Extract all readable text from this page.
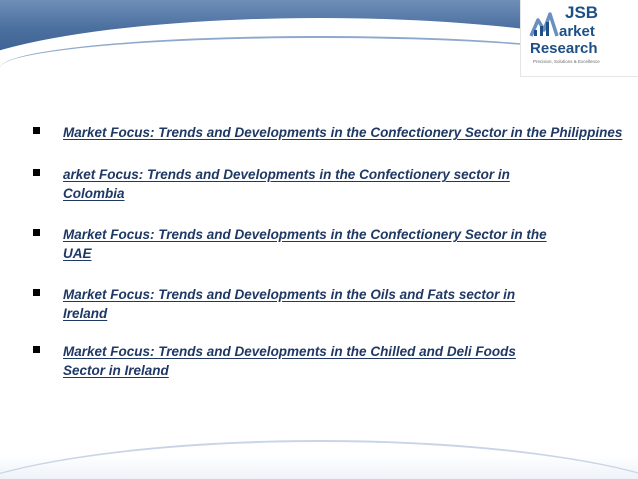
JSB
arket
Research
Precision, Solutions & Excellence
Market Focus: Trends and Developments in the Confectionery Sector in the Philippines
arket Focus: Trends and Developments in the Confectionery sector in Colombia
Market Focus: Trends and Developments in the Confectionery Sector in the UAE
Market Focus: Trends and Developments in the Oils and Fats sector in Ireland
Market Focus: Trends and Developments in the Chilled and Deli Foods Sector in Ireland
